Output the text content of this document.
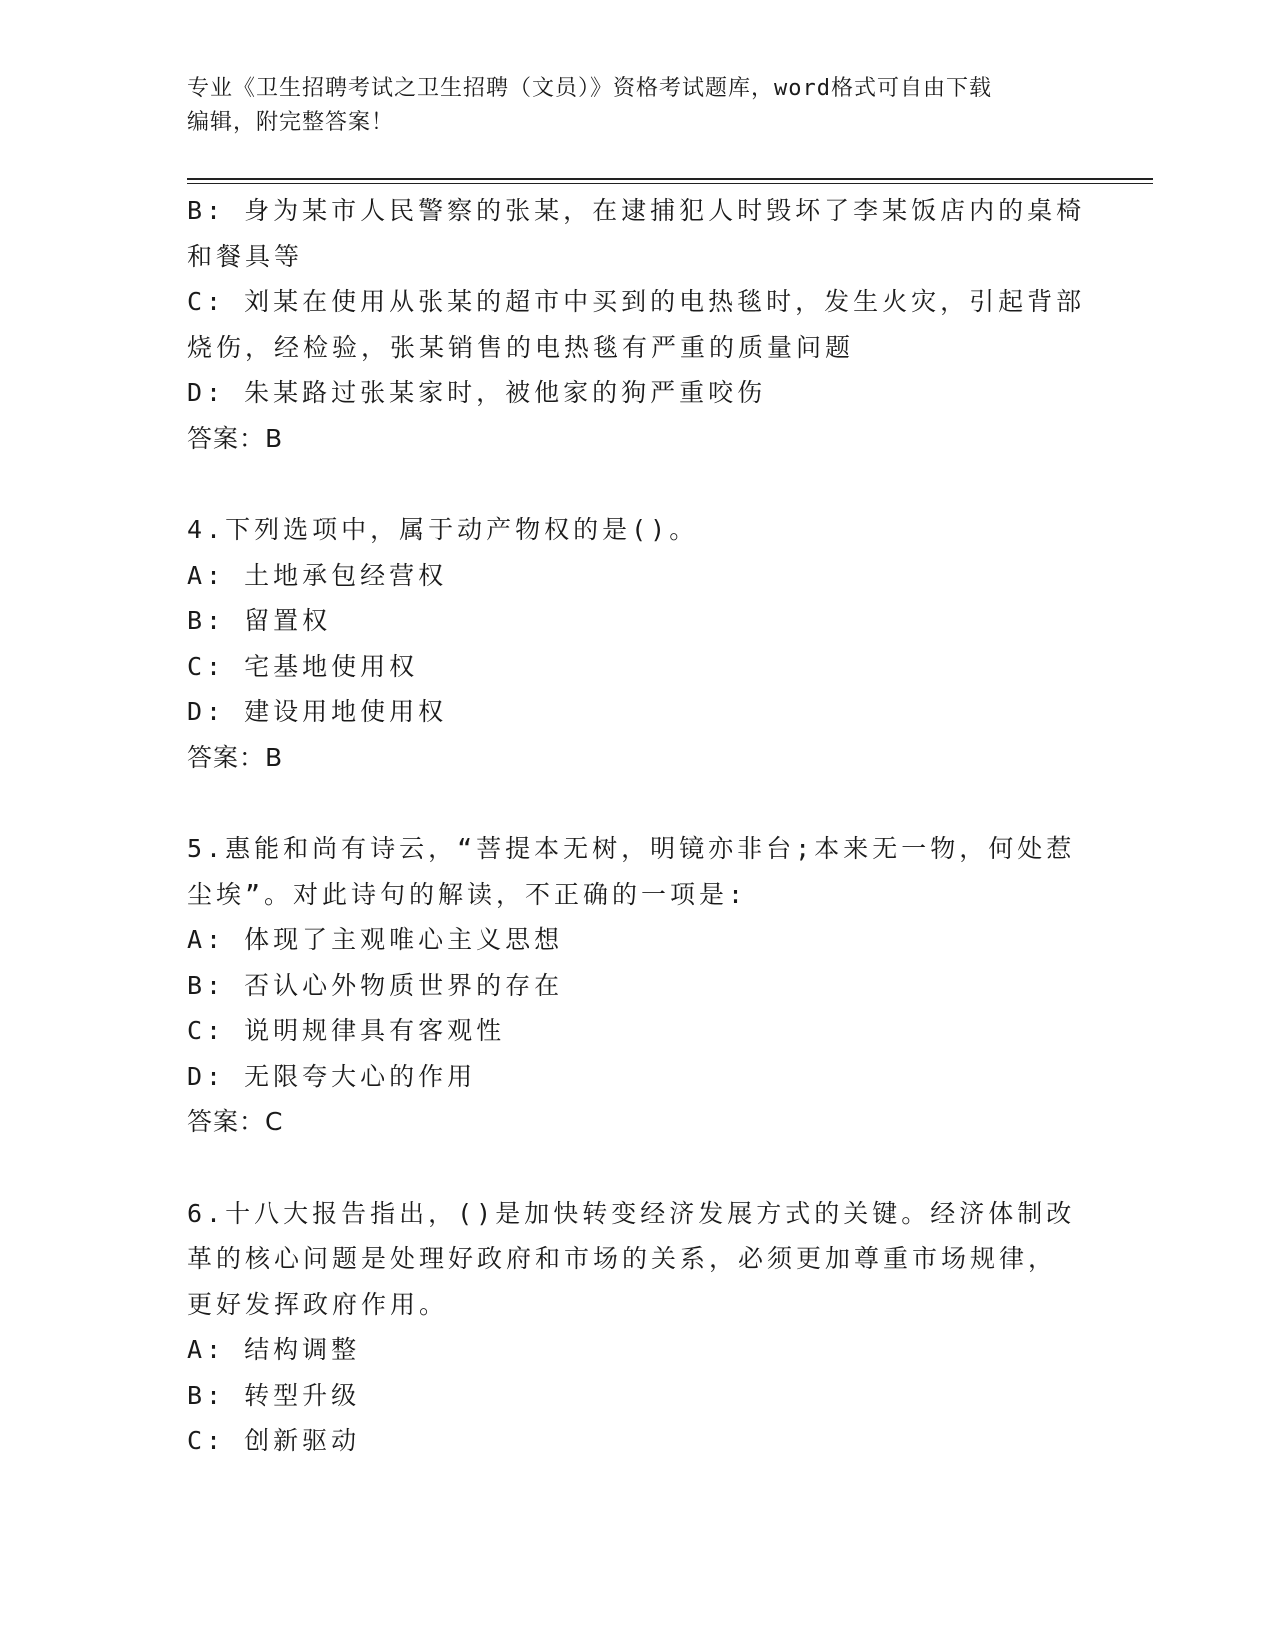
专业《卫生招聘考试之卫生招聘（文员）》资格考试题库，word格式可自由下载
编辑，附完整答案！
B: 身为某市人民警察的张某，在逮捕犯人时毁坏了李某饭店内的桌椅
和餐具等
C: 刘某在使用从张某的超市中买到的电热毯时，发生火灾，引起背部
烧伤，经检验，张某销售的电热毯有严重的质量问题
D: 朱某路过张某家时，被他家的狗严重咬伤
答案：B
4.下列选项中，属于动产物权的是()。
A: 土地承包经营权
B: 留置权
C: 宅基地使用权
D: 建设用地使用权
答案：B
5.惠能和尚有诗云，“菩提本无树，明镜亦非台;本来无一物，何处惹
尘埃”。对此诗句的解读，不正确的一项是:
A: 体现了主观唯心主义思想
B: 否认心外物质世界的存在
C: 说明规律具有客观性
D: 无限夸大心的作用
答案：C
6.十八大报告指出，()是加快转变经济发展方式的关键。经济体制改
革的核心问题是处理好政府和市场的关系，必须更加尊重市场规律，
更好发挥政府作用。
A: 结构调整
B: 转型升级
C: 创新驱动
